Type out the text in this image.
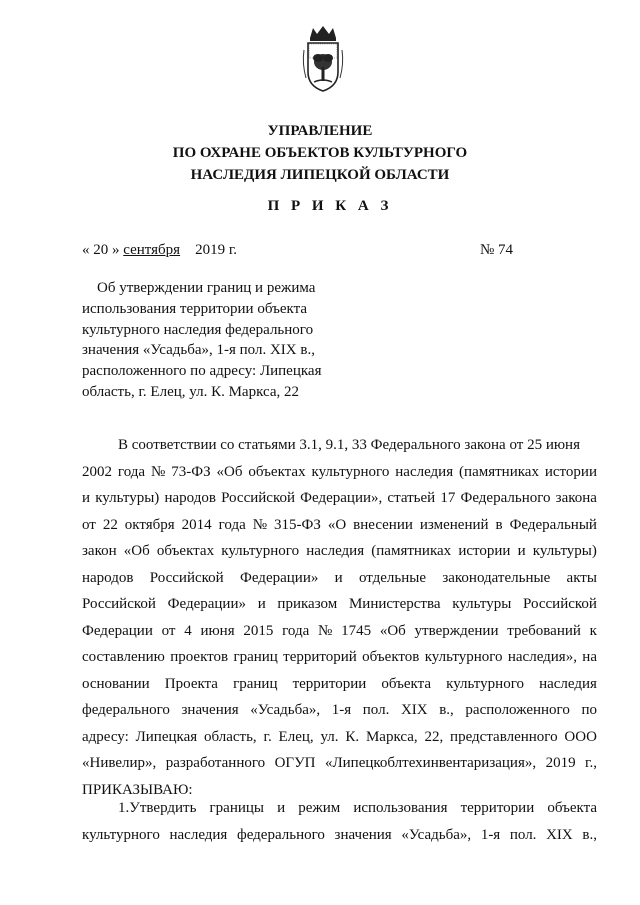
УПРАВЛЕНИЕ
ПО ОХРАНЕ ОБЪЕКТОВ КУЛЬТУРНОГО
НАСЛЕДИЯ ЛИПЕЦКОЙ ОБЛАСТИ
П Р И К А З
« 20 » сентября 2019 г.	№ 74
Об утверждении границ и режима
использования территории объекта
культурного наследия федерального
значения «Усадьба», 1-я пол. XIX в.,
расположенного по адресу: Липецкая
область, г. Елец, ул. К. Маркса, 22
В соответствии со статьями 3.1, 9.1, 33 Федерального закона от 25 июня
2002 года № 73-ФЗ «Об объектах культурного наследия (памятниках истории
и культуры) народов Российской Федерации», статьей 17 Федерального закона
от 22 октября 2014 года № 315-ФЗ «О внесении изменений в Федеральный
закон «Об объектах культурного наследия (памятниках истории и культуры)
народов Российской Федерации» и отдельные законодательные акты
Российской Федерации» и приказом Министерства культуры Российской
Федерации от 4 июня 2015 года № 1745 «Об утверждении требований к
составлению проектов границ территорий объектов культурного наследия», на
основании Проекта границ территории объекта культурного наследия
федерального значения «Усадьба», 1-я пол. XIX в., расположенного по
адресу: Липецкая область, г. Елец, ул. К. Маркса, 22, представленного ООО
«Нивелир», разработанного ОГУП «Липецкоблтехинвентаризация», 2019 г.,
ПРИКАЗЫВАЮ:
1.Утвердить границы и режим использования территории объекта
культурного наследия федерального значения «Усадьба», 1-я пол. XIX в.,
